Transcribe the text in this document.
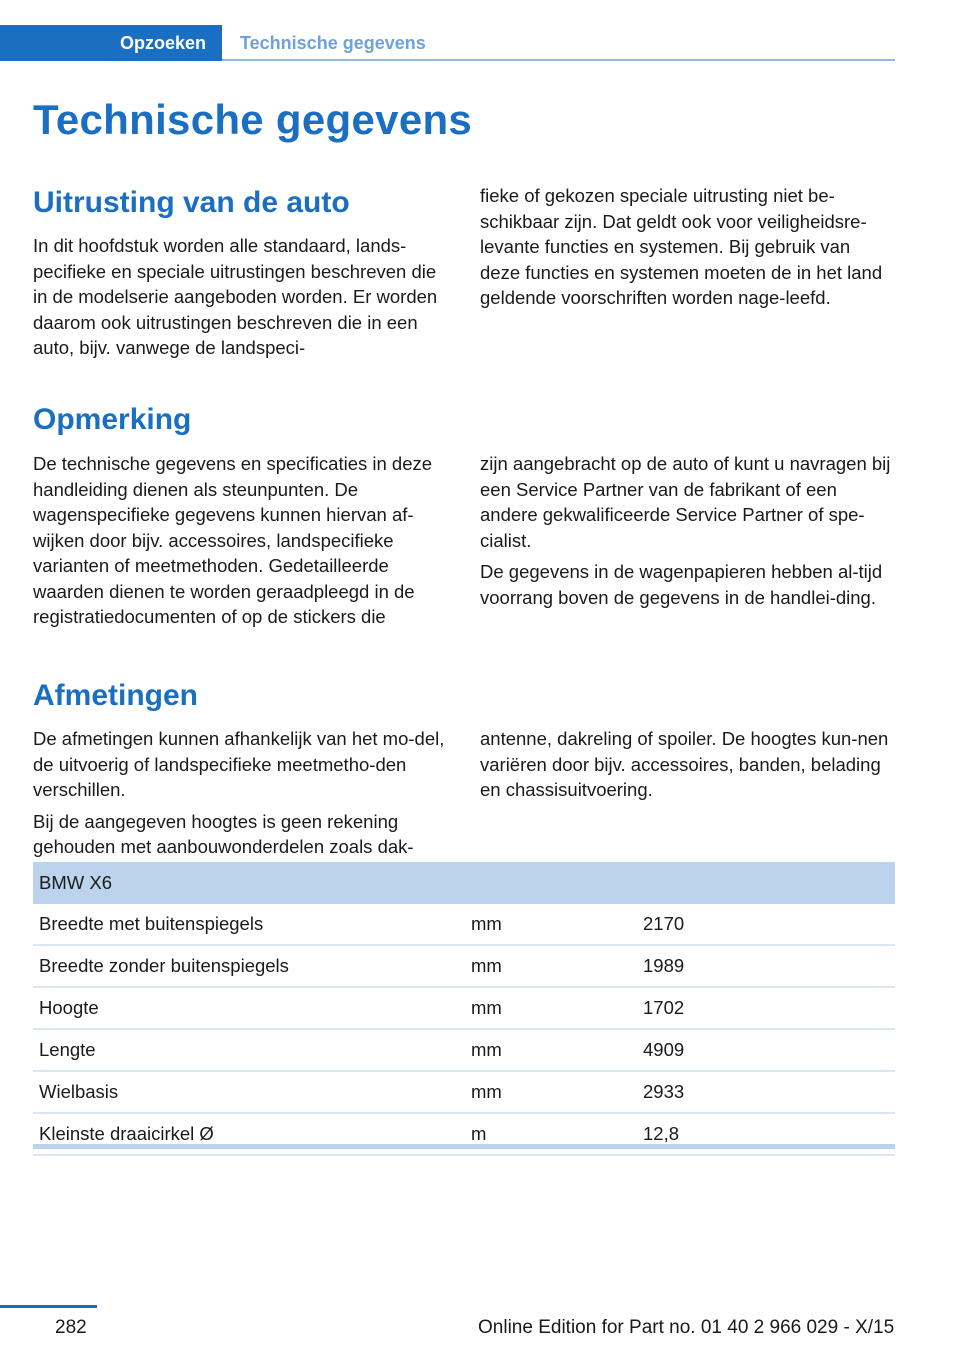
Opzoeken	Technische gegevens
Technische gegevens
Uitrusting van de auto

In dit hoofdstuk worden alle standaard, lands-pecifieke en speciale uitrustingen beschreven die in de modelserie aangeboden worden. Er worden daarom ook uitrustingen beschreven die in een auto, bijv. vanwege de landspeci-

fieke of gekozen speciale uitrusting niet be-schikbaar zijn. Dat geldt ook voor veiligheidsre-levante functies en systemen. Bij gebruik van deze functies en systemen moeten de in het land geldende voorschriften worden nage-leefd.

Opmerking

De technische gegevens en specificaties in deze handleiding dienen als steunpunten. De wagenspecifieke gegevens kunnen hiervan af-wijken door bijv. accessoires, landspecifieke varianten of meetmethoden. Gedetailleerde waarden dienen te worden geraadpleegd in de registratiedocumenten of op de stickers die

zijn aangebracht op de auto of kunt u navragen bij een Service Partner van de fabrikant of een andere gekwalificeerde Service Partner of spe-cialist.

De gegevens in de wagenpapieren hebben al-tijd voorrang boven de gegevens in de handlei-ding.

Afmetingen

De afmetingen kunnen afhankelijk van het mo-del, de uitvoerig of landspecifieke meetmetho-den verschillen.

Bij de aangegeven hoogtes is geen rekening gehouden met aanbouwonderdelen zoals dak-

antenne, dakreling of spoiler. De hoogtes kun-nen variëren door bijv. accessoires, banden, belading en chassisuitvoering.

BMW X6		
Breedte met buitenspiegels	mm	2170
Breedte zonder buitenspiegels	mm	1989
Hoogte	mm	1702
Lengte	mm	4909
Wielbasis	mm	2933
Kleinste draaicirkel Ø	m	12,8
282	Online Edition for Part no. 01 40 2 966 029 - X/15
